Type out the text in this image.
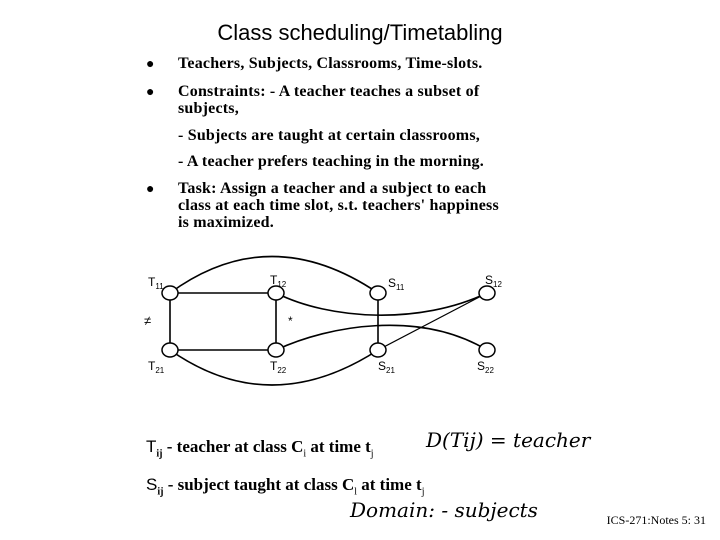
Class scheduling/Timetabling
● Teachers, Subjects, Classrooms, Time-slots.
● Constraints: - A teacher teaches a subset of
subjects,
- Subjects are taught at certain classrooms,
- A teacher prefers teaching in the morning.
● Task: Assign a teacher and a subject to each
class at each time slot, s.t. teachers' happiness
is maximized.
$T_{11}$	$T_{12}$	$S_{11}$
$S_{12}$
$T_{21}$	$T_{22}$	$S_{21}$	$S_{22}$
≠	*
$T_{ij}$ - teacher at class $C_i$ at time $t_j$
$S_{ij}$ - subject taught at class $C_l$ at time $t_j$
D(Tij) = teacher
Domain: - subjects	ICS-271:Notes 5: 31
